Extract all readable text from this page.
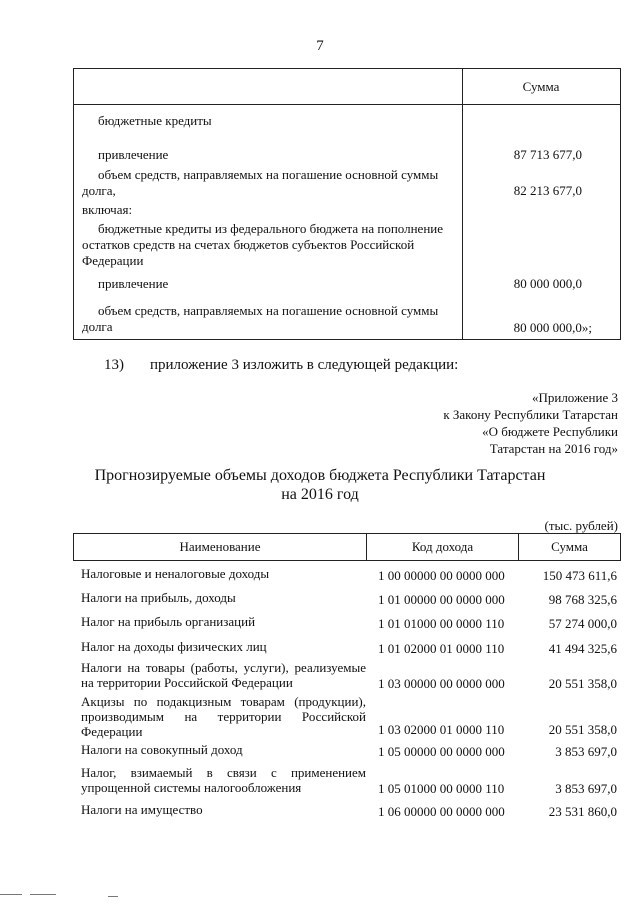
7
Сумма
бюджетные кредиты
привлечение	87 713 677,0
объем средств, направляемых на погашение основной суммы долга,	82 213 677,0
включая:
бюджетные кредиты из федерального бюджета на пополнение остатков средств на счетах бюджетов субъектов Российской Федерации
привлечение	80 000 000,0
объем средств, направляемых на погашение основной суммы долга	80 000 000,0»;
13) приложение 3 изложить в следующей редакции:
«Приложение 3
к Закону Республики Татарстан
«О бюджете Республики
Татарстан на 2016 год»
Прогнозируемые объемы доходов бюджета Республики Татарстан
на 2016 год
(тыс. рублей)
Наименование	Код дохода	Сумма
Налоговые и неналоговые доходы	1 00 00000 00 0000 000	150 473 611,6
Налоги на прибыль, доходы	1 01 00000 00 0000 000	98 768 325,6
Налог на прибыль организаций	1 01 01000 00 0000 110	57 274 000,0
Налог на доходы физических лиц	1 01 02000 01 0000 110	41 494 325,6
Налоги на товары (работы, услуги), реализуемые на территории Российской Федерации	1 03 00000 00 0000 000	20 551 358,0
Акцизы по подакцизным товарам (продукции), производимым на территории Российской Федерации	1 03 02000 01 0000 110	20 551 358,0
Налоги на совокупный доход	1 05 00000 00 0000 000	3 853 697,0
Налог, взимаемый в связи с применением упрощенной системы налогообложения	1 05 01000 00 0000 110	3 853 697,0
Налоги на имущество	1 06 00000 00 0000 000	23 531 860,0
